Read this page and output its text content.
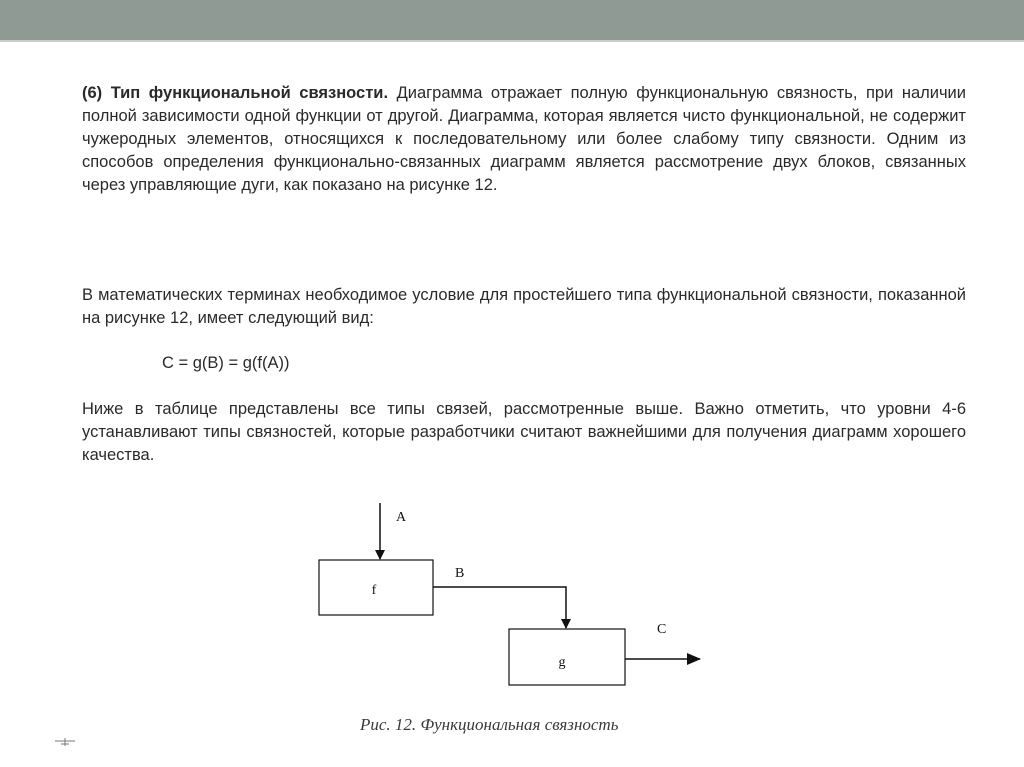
(6) Тип функциональной связности. Диаграмма отражает полную функциональную связность, при наличии полной зависимости одной функции от другой. Диаграмма, которая является чисто функциональной, не содержит чужеродных элементов, относящихся к последовательному или более слабому типу связности. Одним из способов определения функционально-связанных диаграмм является рассмотрение двух блоков, связанных через управляющие дуги, как показано на рисунке 12.
В математических терминах необходимое условие для простейшего типа функциональной связности, показанной на рисунке 12, имеет следующий вид:
C = g(B) = g(f(A))
Ниже в таблице представлены все типы связей, рассмотренные выше. Важно отметить, что уровни 4-6 устанавливают типы связностей, которые разработчики считают важнейшими для получения диаграмм хорошего качества.
A
f
B
g
C
Рис. 12. Функциональная связность
